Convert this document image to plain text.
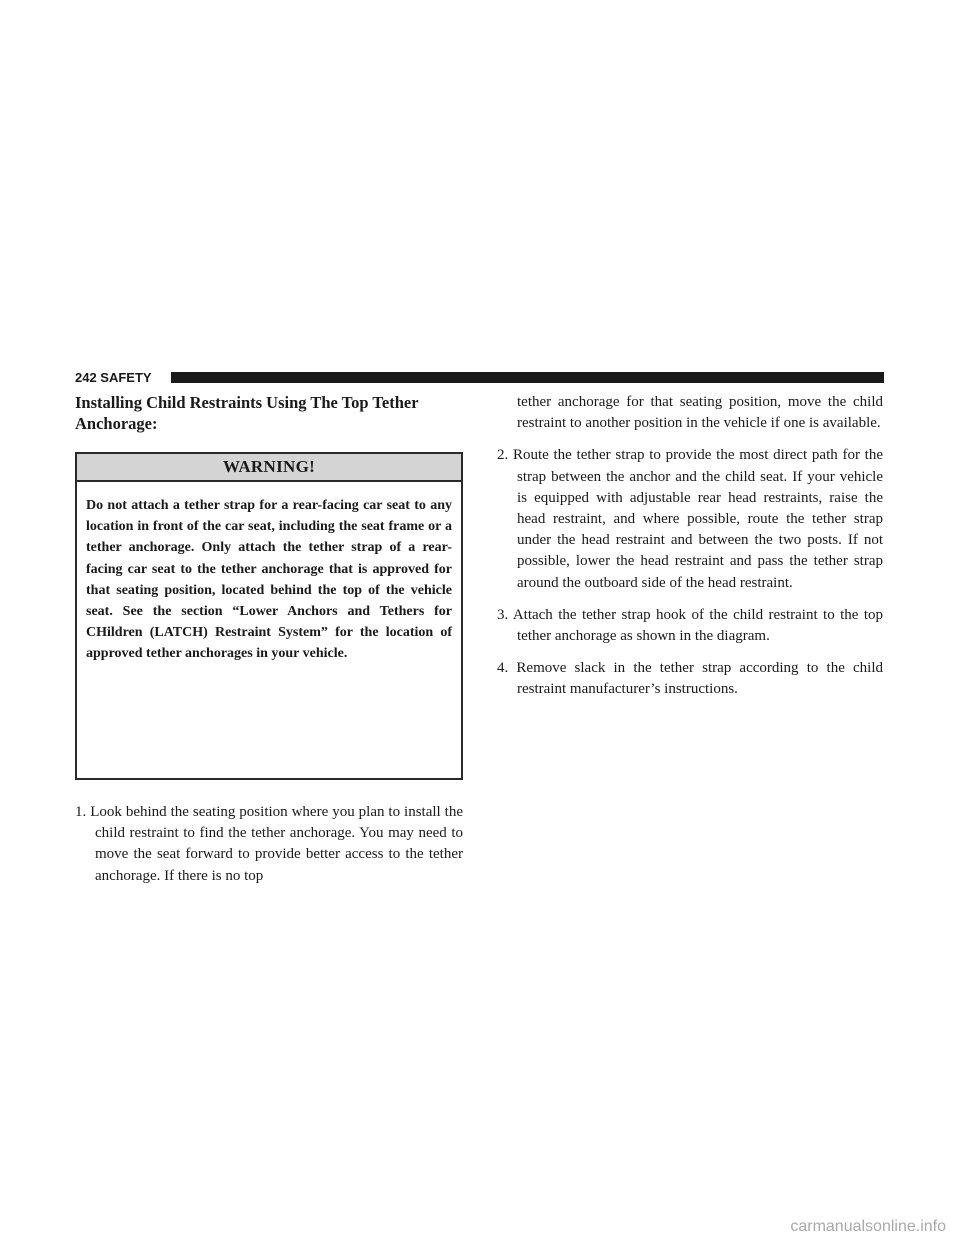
242 SAFETY
Installing Child Restraints Using The Top Tether Anchorage:
WARNING!
Do not attach a tether strap for a rear-facing car seat to any location in front of the car seat, including the seat frame or a tether anchorage. Only attach the tether strap of a rear-facing car seat to the tether anchorage that is approved for that seating position, located behind the top of the vehicle seat. See the section “Lower Anchors and Tethers for CHildren (LATCH) Restraint System” for the location of approved tether anchorages in your vehicle.

1. Look behind the seating position where you plan to install the child restraint to find the tether anchorage. You may need to move the seat forward to provide better access to the tether anchorage. If there is no top

tether anchorage for that seating position, move the child restraint to another position in the vehicle if one is available.

2. Route the tether strap to provide the most direct path for the strap between the anchor and the child seat. If your vehicle is equipped with adjustable rear head restraints, raise the head restraint, and where possible, route the tether strap under the head restraint and between the two posts. If not possible, lower the head restraint and pass the tether strap around the outboard side of the head restraint.

3. Attach the tether strap hook of the child restraint to the top tether anchorage as shown in the diagram.

4. Remove slack in the tether strap according to the child restraint manufacturer’s instructions.

carmanualsonline.info
